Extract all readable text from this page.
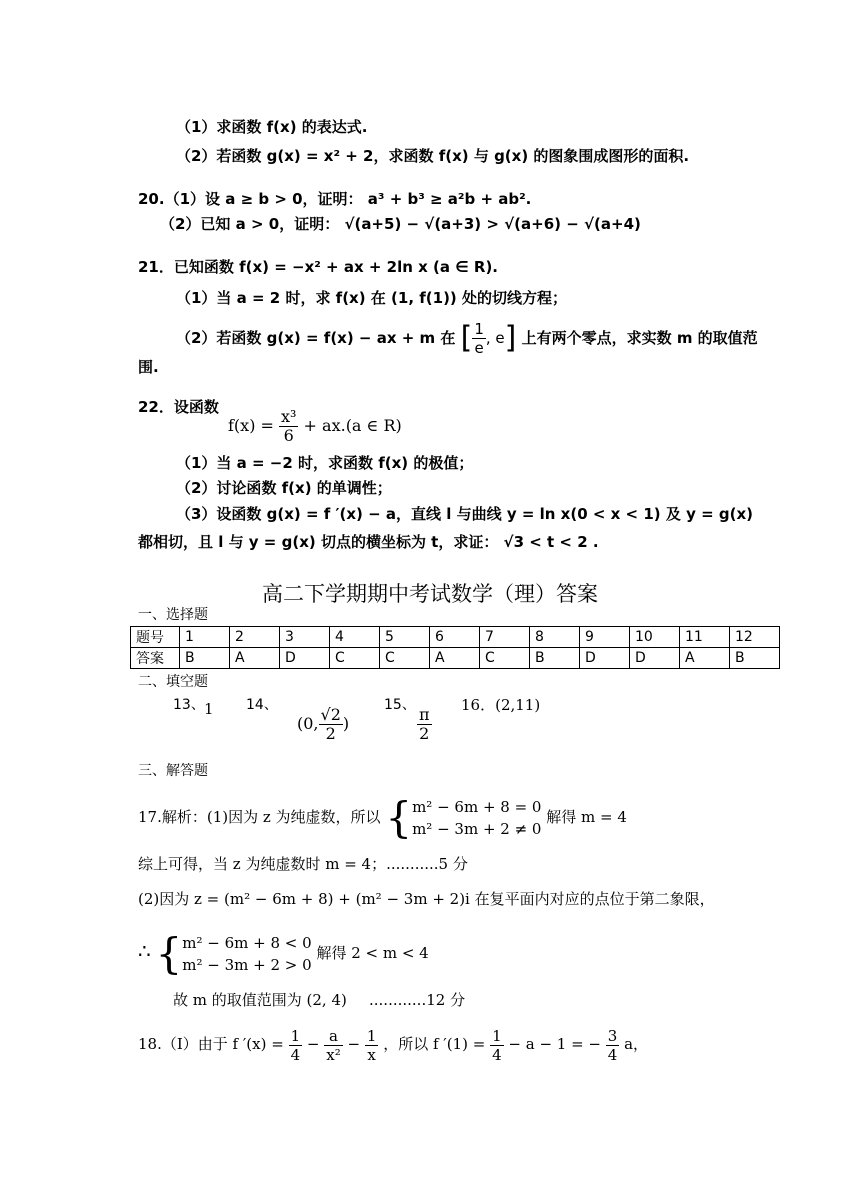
（1）求函数 f(x) 的表达式.
（2）若函数 g(x) = x² + 2，求函数 f(x) 与 g(x) 的图象围成图形的面积.
20.（1）设 a ≥ b > 0，证明： a³ + b³ ≥ a²b + ab².
（2）已知 a > 0，证明： √(a+5) − √(a+3) > √(a+6) − √(a+4)
21．已知函数 f(x) = −x² + ax + 2ln x (a ∈ R).
（1）当 a = 2 时，求 f(x) 在 (1, f(1)) 处的切线方程；
（2）若函数 g(x) = f(x) − ax + m 在 [ $\frac{1}{e}$ , e] 上有两个零点，求实数 m 的取值范
围.
22．设函数
$f(x) = \frac{\text{x³}}{6} + ax.(a$ ∈ R)
（1）当 a = −2 时，求函数 f(x) 的极值；
（2）讨论函数 f(x) 的单调性；
（3）设函数 g(x) = f ′(x) − a，直线 l 与曲线 y = ln x(0 < x < 1) 及 y = g(x)
都相切，且 l 与 y = g(x) 切点的横坐标为 t，求证： √3 < t < 2 .
高二下学期期中考试数学（理）答案
一、选择题
题号	1	2	3	4	5	6	7	8	9	10	11	12
答案	B	A	D	C	C	A	C	B	D	D	A	B
二、填空题
13、 1 14、
(0, $\frac{√2}{2}$ )
15、
$\frac{\pi}{2}$
16．(2,11)
三、解答题
17.解析：(1)因为 z 为纯虚数，所以 { m² − 6m + 8 = 0
m² − 3m + 2 ≠ 0
解得 m = 4
综上可得，当 z 为纯虚数时 m = 4；...........5 分
(2)因为 z = (m² − 6m + 8) + (m² − 3m + 2)i 在复平面内对应的点位于第二象限，
∴ { m² − 6m + 8 < 0
m² − 3m + 2 > 0
解得 2 < m < 4
故 m 的取值范围为 (2, 4) ............12 分
18.（I）由于 f $'(x) = \frac{1}{4} - \frac{a}{\text{x²}} - \frac{1}{x}$ ，所以 f $'(1) = \frac{1}{4} - a - 1$ = − $\frac{3}{4}$ a，
